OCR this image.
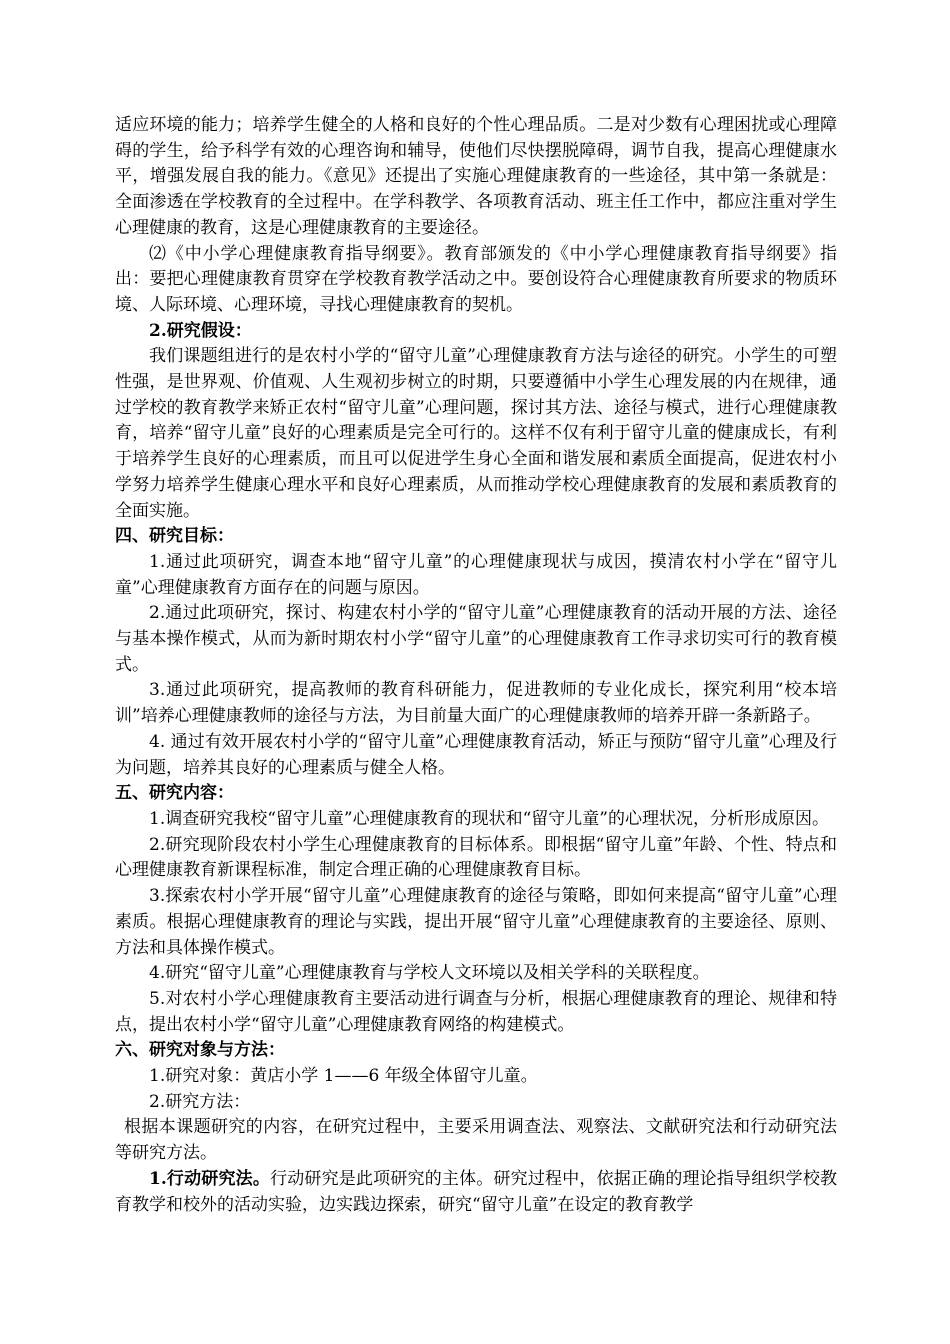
适应环境的能力；培养学生健全的人格和良好的个性心理品质。二是对少数有心理困扰或心理障碍的学生，给予科学有效的心理咨询和辅导，使他们尽快摆脱障碍，调节自我，提高心理健康水平，增强发展自我的能力。《意见》还提出了实施心理健康教育的一些途径，其中第一条就是：全面渗透在学校教育的全过程中。在学科教学、各项教育活动、班主任工作中，都应注重对学生心理健康的教育，这是心理健康教育的主要途径。

⑵《中小学心理健康教育指导纲要》。教育部颁发的《中小学心理健康教育指导纲要》指出：要把心理健康教育贯穿在学校教育教学活动之中。要创设符合心理健康教育所要求的物质环境、人际环境、心理环境，寻找心理健康教育的契机。

2.研究假设：

我们课题组进行的是农村小学的“留守儿童”心理健康教育方法与途径的研究。小学生的可塑性强，是世界观、价值观、人生观初步树立的时期，只要遵循中小学生心理发展的内在规律，通过学校的教育教学来矫正农村“留守儿童”心理问题，探讨其方法、途径与模式，进行心理健康教育，培养“留守儿童”良好的心理素质是完全可行的。这样不仅有利于留守儿童的健康成长，有利于培养学生良好的心理素质，而且可以促进学生身心全面和谐发展和素质全面提高，促进农村小学努力培养学生健康心理水平和良好心理素质，从而推动学校心理健康教育的发展和素质教育的全面实施。

四、研究目标：

1.通过此项研究，调查本地“留守儿童”的心理健康现状与成因，摸清农村小学在“留守儿童”心理健康教育方面存在的问题与原因。

2.通过此项研究，探讨、构建农村小学的“留守儿童”心理健康教育的活动开展的方法、途径与基本操作模式，从而为新时期农村小学“留守儿童”的心理健康教育工作寻求切实可行的教育模式。

3.通过此项研究，提高教师的教育科研能力，促进教师的专业化成长，探究利用“校本培训”培养心理健康教师的途径与方法，为目前量大面广的心理健康教师的培养开辟一条新路子。

4. 通过有效开展农村小学的“留守儿童”心理健康教育活动，矫正与预防“留守儿童”心理及行为问题，培养其良好的心理素质与健全人格。

五、研究内容：

1.调查研究我校“留守儿童”心理健康教育的现状和“留守儿童”的心理状况，分析形成原因。

2.研究现阶段农村小学生心理健康教育的目标体系。即根据“留守儿童”年龄、个性、特点和心理健康教育新课程标准，制定合理正确的心理健康教育目标。

3.探索农村小学开展“留守儿童”心理健康教育的途径与策略，即如何来提高“留守儿童”心理素质。根据心理健康教育的理论与实践，提出开展“留守儿童”心理健康教育的主要途径、原则、方法和具体操作模式。

4.研究“留守儿童”心理健康教育与学校人文环境以及相关学科的关联程度。

5.对农村小学心理健康教育主要活动进行调查与分析，根据心理健康教育的理论、规律和特点，提出农村小学“留守儿童”心理健康教育网络的构建模式。

六、研究对象与方法：

1.研究对象：黄店小学 1——6 年级全体留守儿童。

2.研究方法：

根据本课题研究的内容，在研究过程中，主要采用调查法、观察法、文献研究法和行动研究法等研究方法。

1.行动研究法。行动研究是此项研究的主体。研究过程中，依据正确的理论指导组织学校教育教学和校外的活动实验，边实践边探索，研究“留守儿童”在设定的教育教学
